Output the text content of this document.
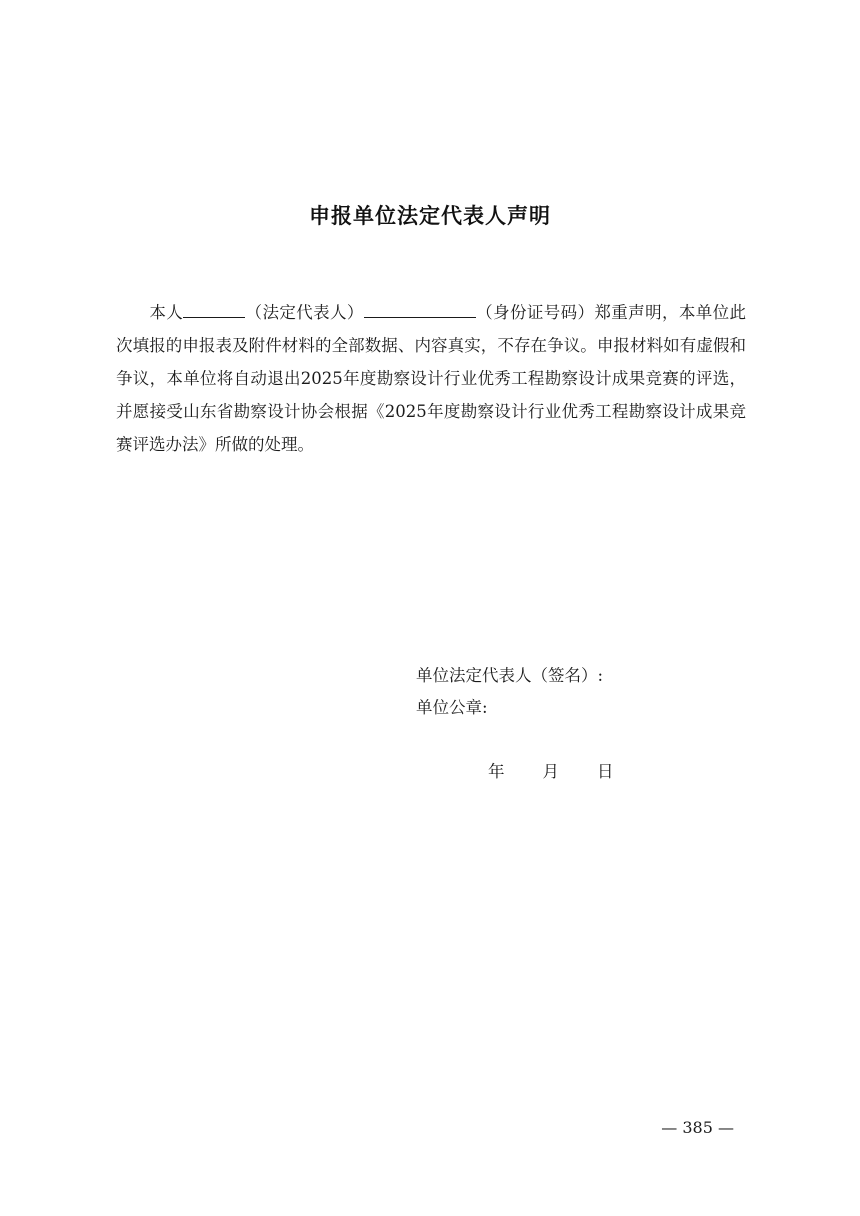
申报单位法定代表人声明
本人	（法定代表人）	（身份证号码）郑重声明，本单位此次填报的申报表及附件材料的全部数据、内容真实，不存在争议。申报材料如有虚假和争议，本单位将自动退出2025年度勘察设计行业优秀工程勘察设计成果竞赛的评选，并愿接受山东省勘察设计协会根据《2025年度勘察设计行业优秀工程勘察设计成果竞赛评选办法》所做的处理。
单位法定代表人（签名）:
单位公章:
年 月 日
— 385 —
